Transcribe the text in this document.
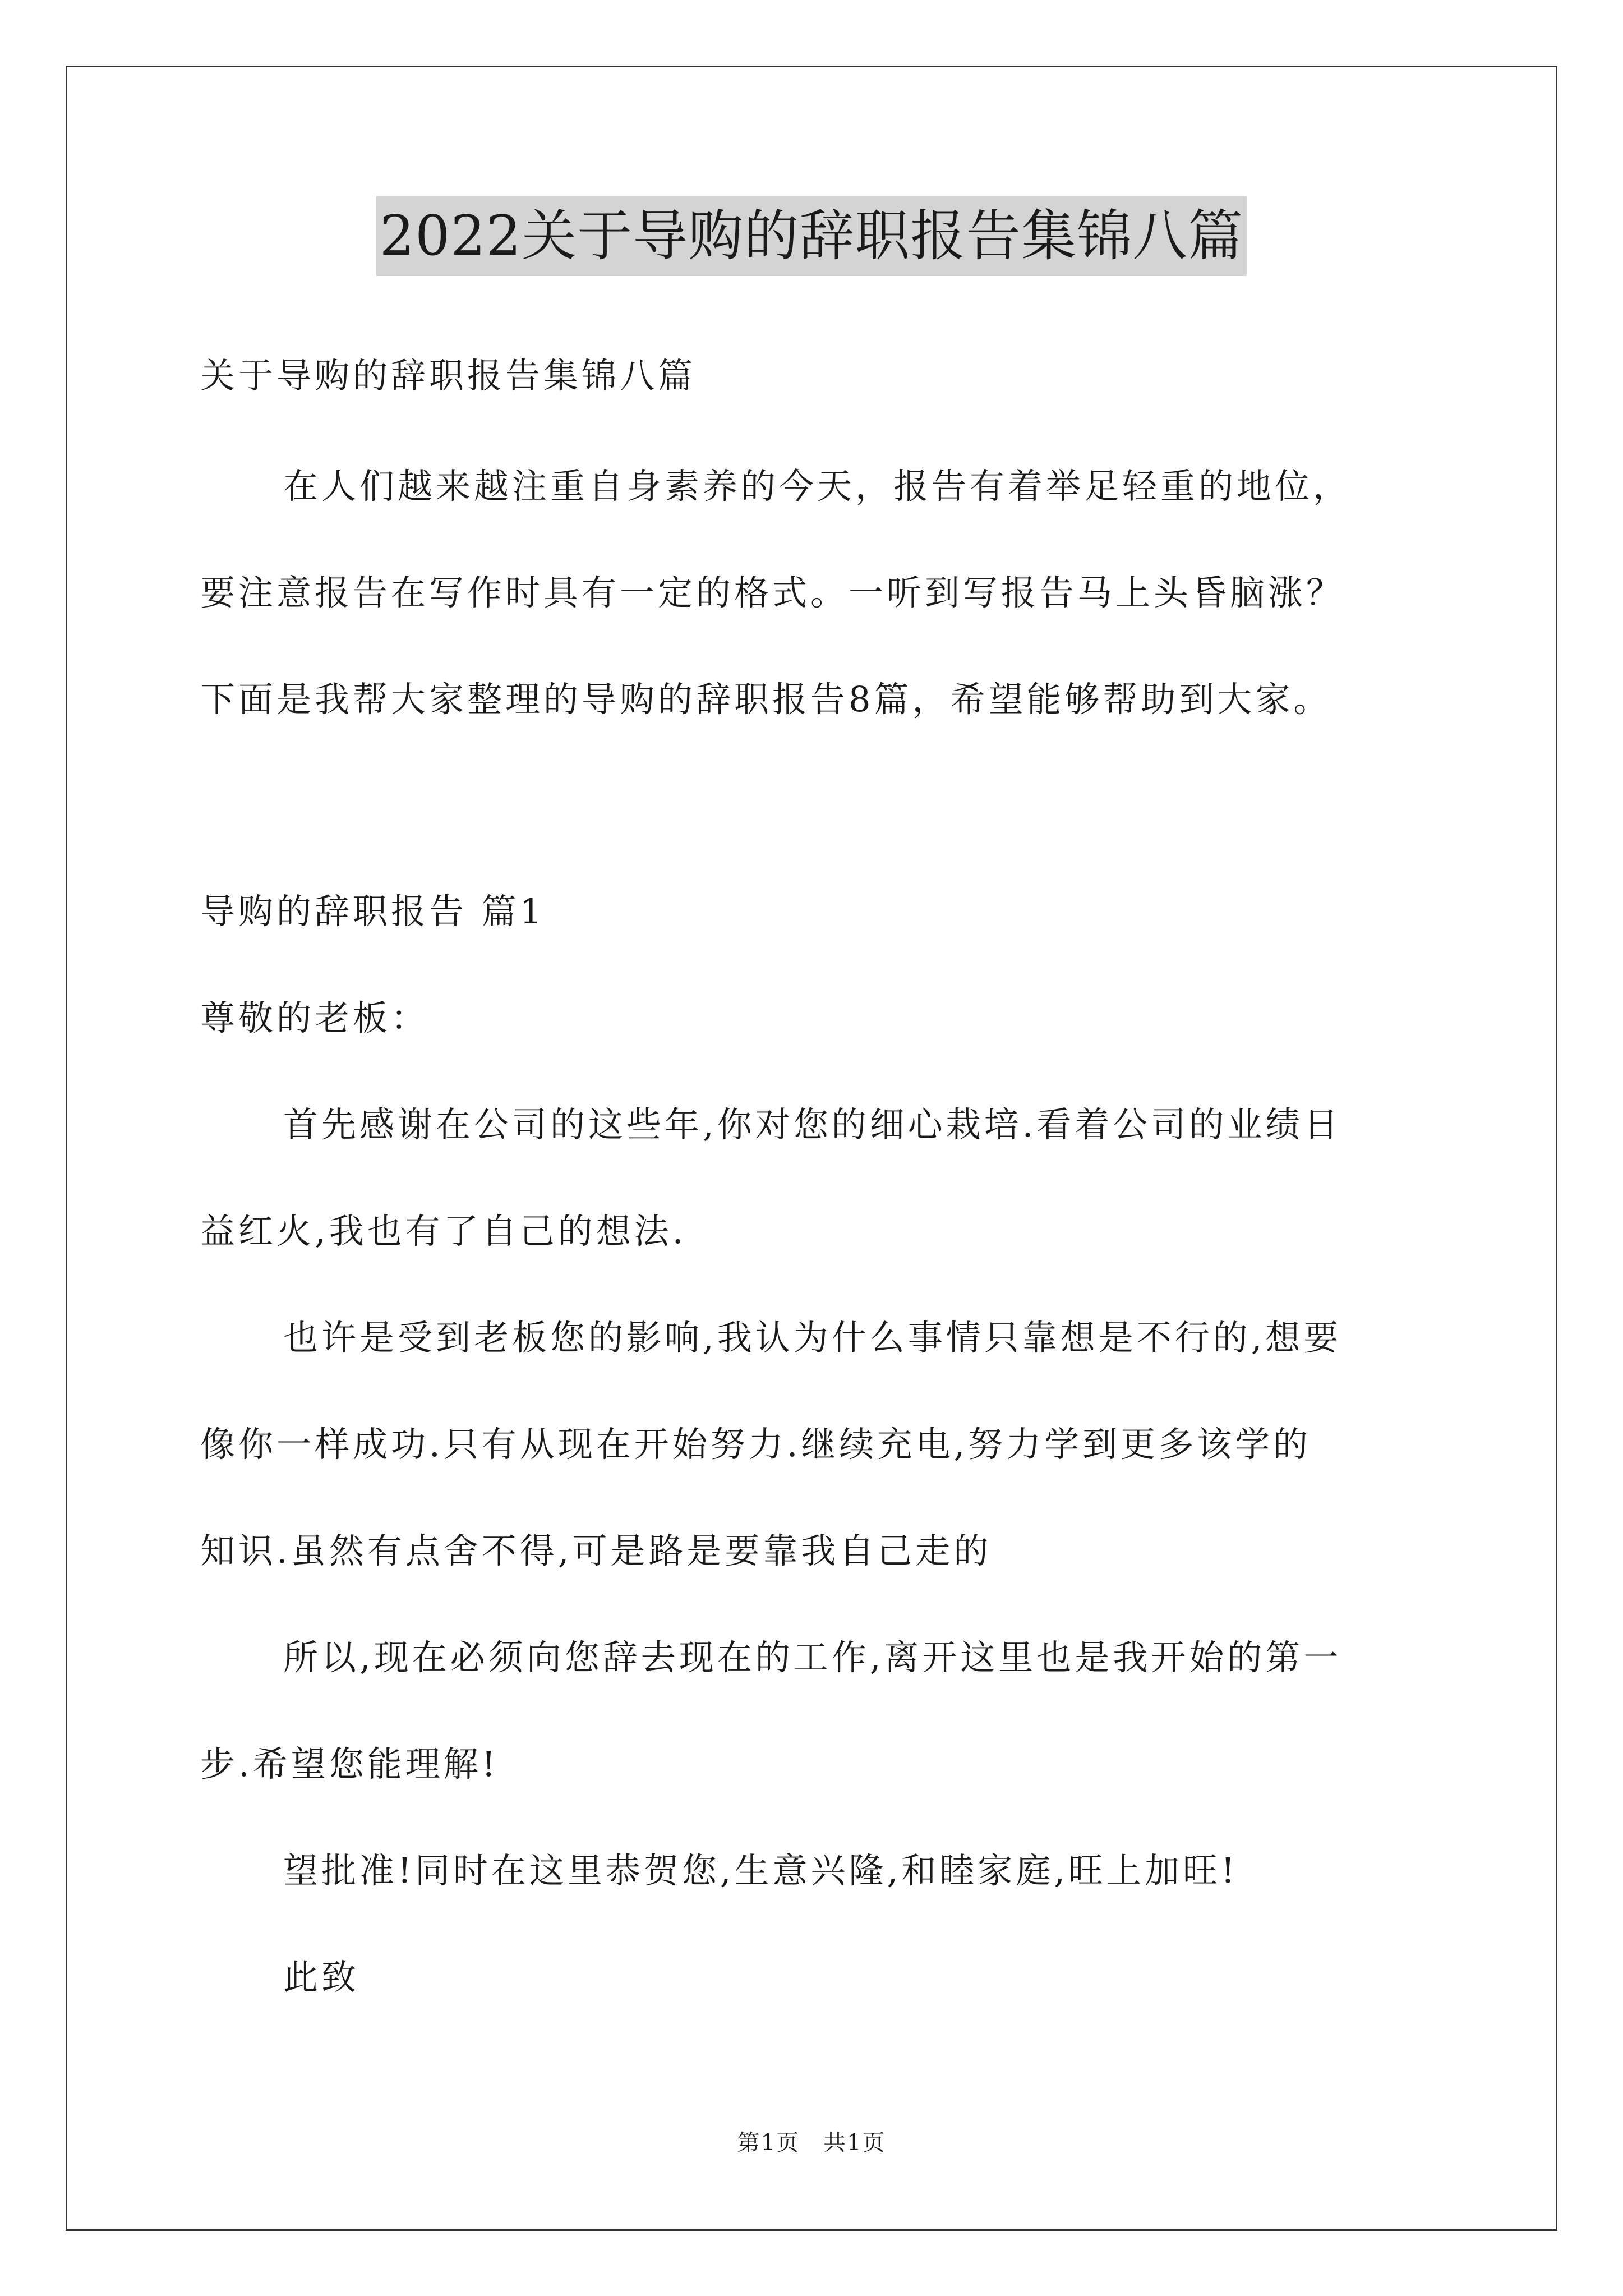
2022关于导购的辞职报告集锦八篇

关于导购的辞职报告集锦八篇

在人们越来越注重自身素养的今天，报告有着举足轻重的地位，

要注意报告在写作时具有一定的格式。一听到写报告马上头昏脑涨？

下面是我帮大家整理的导购的辞职报告8篇，希望能够帮助到大家。

导购的辞职报告 篇1

尊敬的老板：

首先感谢在公司的这些年,你对您的细心栽培.看着公司的业绩日

益红火,我也有了自己的想法.

也许是受到老板您的影响,我认为什么事情只靠想是不行的,想要

像你一样成功.只有从现在开始努力.继续充电,努力学到更多该学的

知识.虽然有点舍不得,可是路是要靠我自己走的

所以,现在必须向您辞去现在的工作,离开这里也是我开始的第一

步.希望您能理解!

望批准!同时在这里恭贺您,生意兴隆,和睦家庭,旺上加旺!

此致

第1页　共1页
